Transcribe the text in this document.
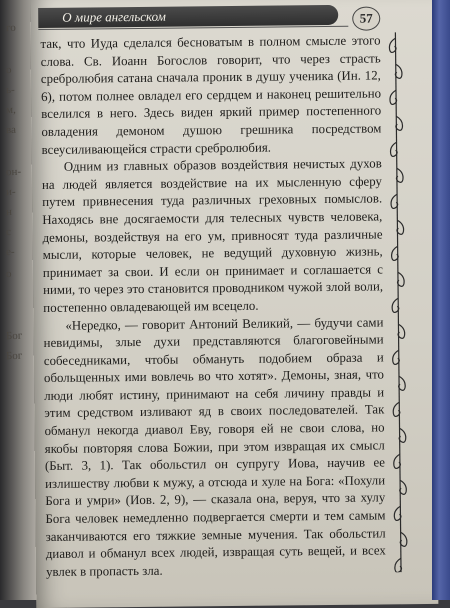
го
о
ь-
м,
ва
он-
и-
н
с
е-
о
Бог
Бог
О мире ангельском	57

так, что Иуда сделался бесноватым в полном смысле этого слова. Св. Иоанн Богослов говорит, что через страсть сребролюбия сатана сначала проник в душу ученика (Ин. 12, 6), потом полнее овладел его сердцем и наконец решительно вселился в него. Здесь виден яркий пример постепенного овладения демоном душою грешника посредством всеусиливающейся страсти сребролюбия.

Одним из главных образов воздействия нечистых духов на людей является воздействие на их мысленную сферу путем привнесения туда различных греховных помыслов. Находясь вне досягаемости для телесных чувств человека, демоны, воздействуя на его ум, привносят туда различные мысли, которые человек, не ведущий духовную жизнь, принимает за свои. И если он принимает и соглашается с ними, то через это становится проводником чужой злой воли, постепенно овладевающей им всецело.

«Нередко, — говорит Антоний Великий, — будучи сами невидимы, злые духи представляются благоговейными собеседниками, чтобы обмануть подобием образа и обольщенных ими вовлечь во что хотят». Демоны, зная, что люди любят истину, принимают на себя личину правды и этим средством изливают яд в своих последователей. Так обманул некогда диавол Еву, говоря ей не свои слова, но якобы повторяя слова Божии, при этом извращая их смысл (Быт. 3, 1). Так обольстил он супругу Иова, научив ее излишеству любви к мужу, а отсюда и хуле на Бога: «Похули Бога и умри» (Иов. 2, 9), — сказала она, веруя, что за хулу Бога человек немедленно подвергается смерти и тем самым заканчиваются его тяжкие земные мучения. Так обольстил диавол и обманул всех людей, извращая суть вещей, и всех увлек в пропасть зла.
